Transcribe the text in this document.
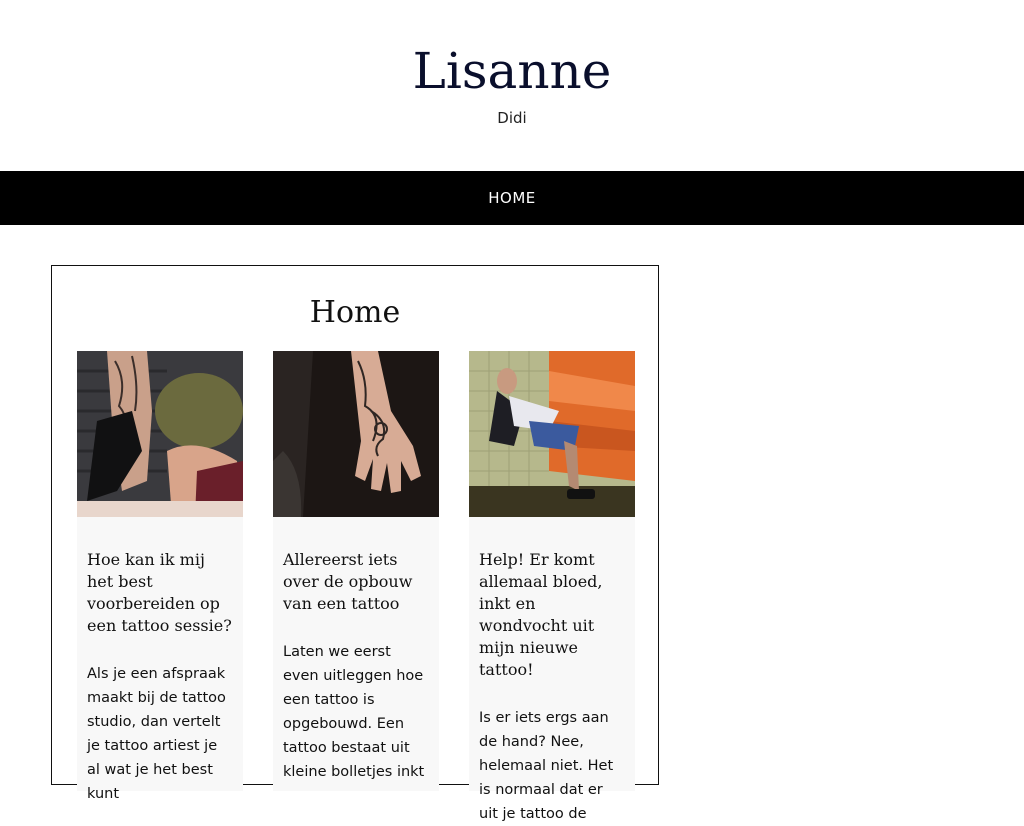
Lisanne

Didi

HOME
Home
Hoe kan ik mij het best voorbereiden op een tattoo sessie?

Als je een afspraak maakt bij de tattoo studio, dan vertelt je tattoo artiest je al wat je het best kunt

Allereerst iets over de opbouw van een tattoo

Laten we eerst even uitleggen hoe een tattoo is opgebouwd. Een tattoo bestaat uit kleine bolletjes inkt

Help! Er komt allemaal bloed, inkt en wondvocht uit mijn nieuwe tattoo!

Is er iets ergs aan de hand? Nee, helemaal niet. Het is normaal dat er uit je tattoo de
